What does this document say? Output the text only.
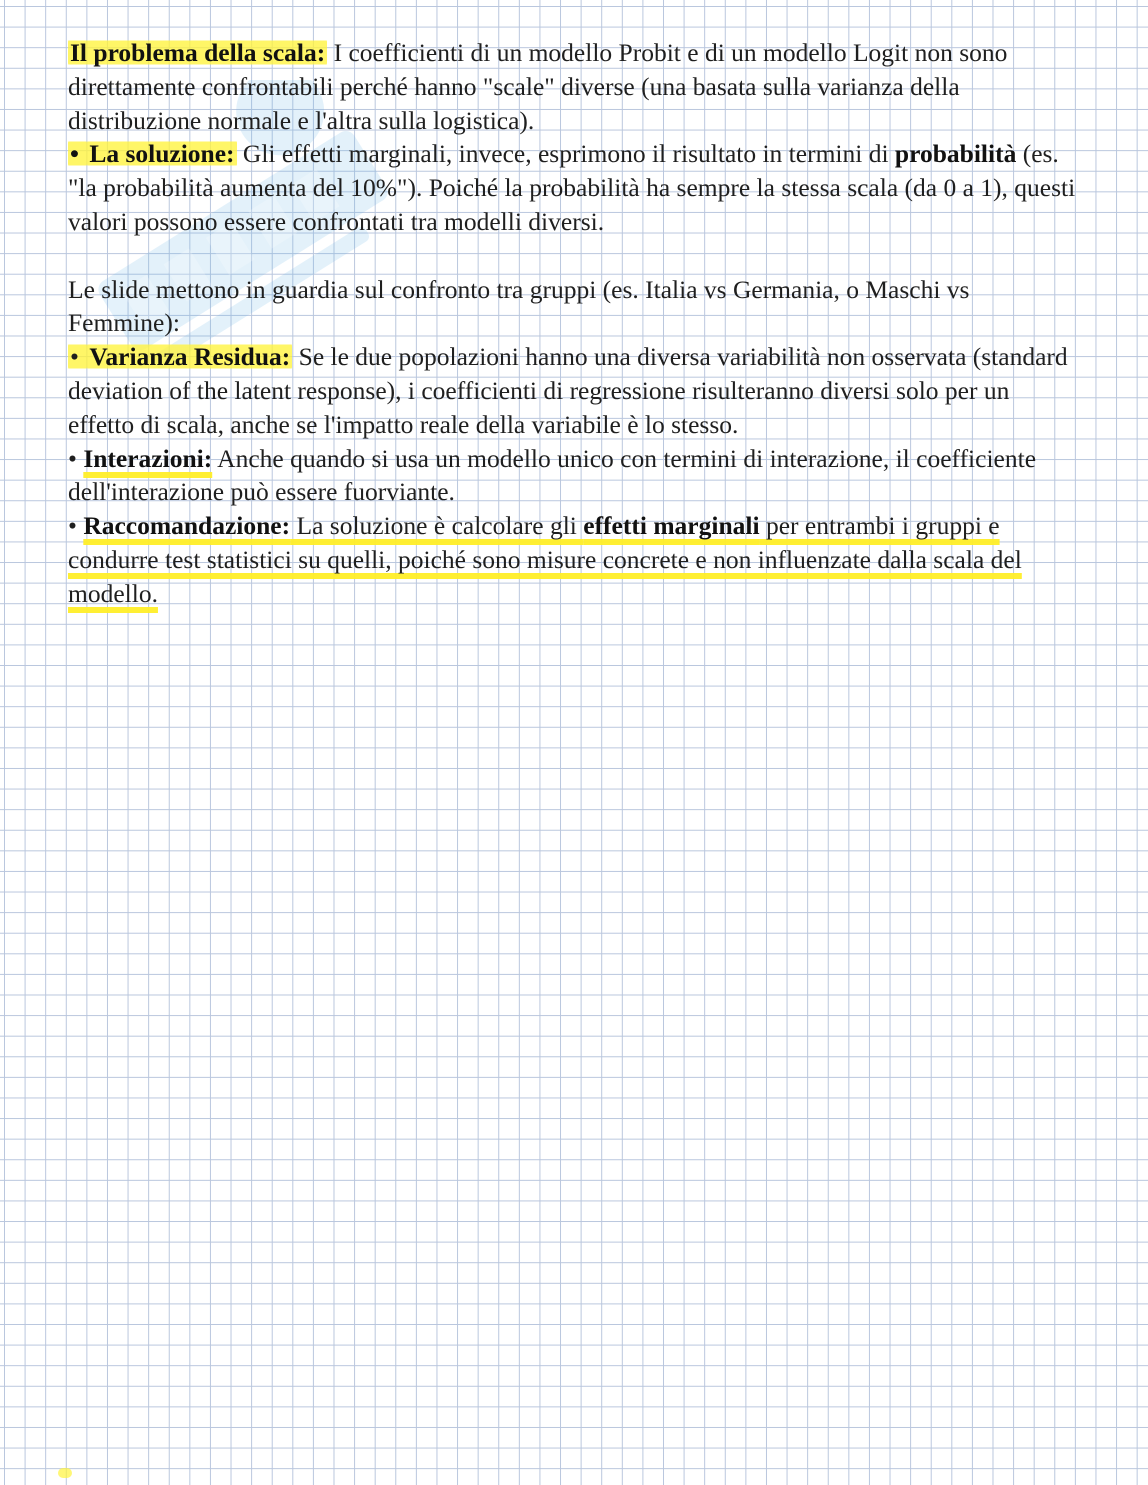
Il problema della scala: I coefficienti di un modello Probit e di un modello Logit non sono direttamente confrontabili perché hanno "scale" diverse (una basata sulla varianza della distribuzione normale e l'altra sulla logistica).

• La soluzione: Gli effetti marginali, invece, esprimono il risultato in termini di probabilità (es. "la probabilità aumenta del 10%"). Poiché la probabilità ha sempre la stessa scala (da 0 a 1), questi valori possono essere confrontati tra modelli diversi.

Le slide mettono in guardia sul confronto tra gruppi (es. Italia vs Germania, o Maschi vs Femmine):

• Varianza Residua: Se le due popolazioni hanno una diversa variabilità non osservata (standard deviation of the latent response), i coefficienti di regressione risulteranno diversi solo per un effetto di scala, anche se l'impatto reale della variabile è lo stesso.

• Interazioni: Anche quando si usa un modello unico con termini di interazione, il coefficiente dell'interazione può essere fuorviante.

• Raccomandazione: La soluzione è calcolare gli effetti marginali per entrambi i gruppi e condurre test statistici su quelli, poiché sono misure concrete e non influenzate dalla scala del modello.
